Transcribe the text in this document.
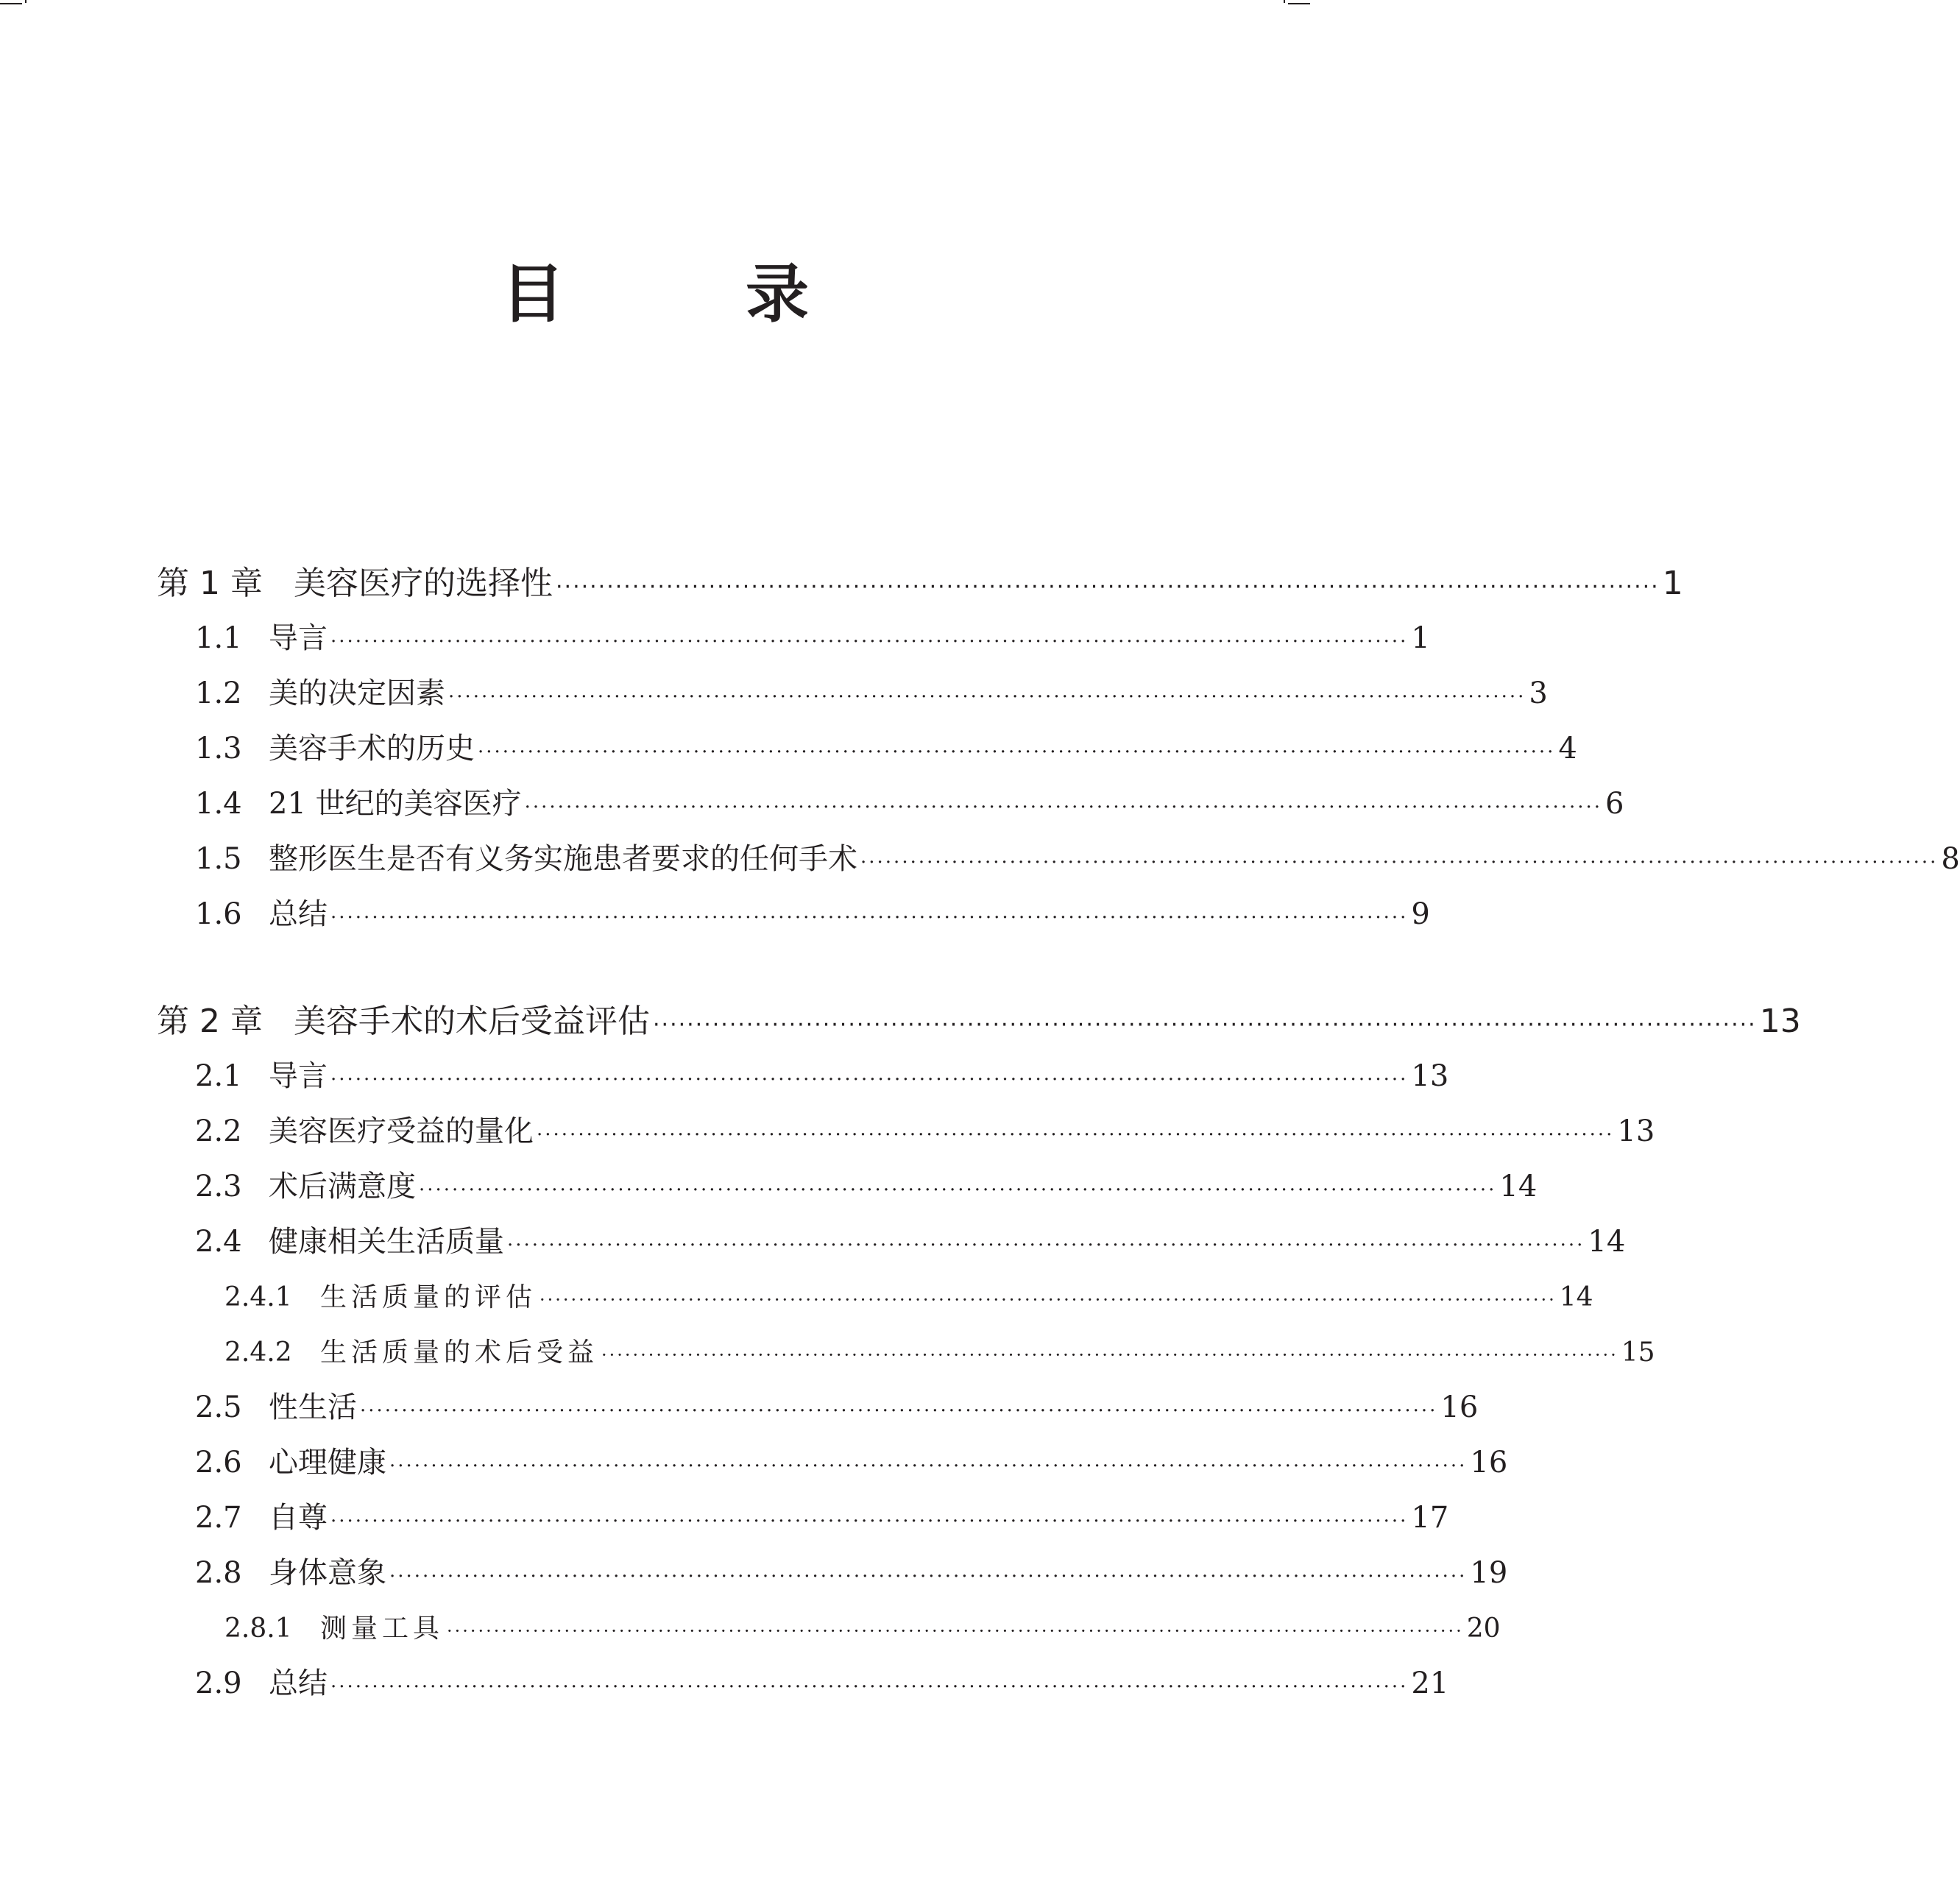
目　录
第 1 章 美容医疗的选择性 ·································································································································· 1
1.1 导言 ·································································································································· 1
1.2 美的决定因素 ·································································································································· 3
1.3 美容手术的历史 ·································································································································· 4
1.4 21 世纪的美容医疗 ·································································································································· 6
1.5 整形医生是否有义务实施患者要求的任何手术 ·································································································································· 8
1.6 总结 ·································································································································· 9
第 2 章 美容手术的术后受益评估 ·································································································································· 13
2.1 导言 ·································································································································· 13
2.2 美容医疗受益的量化 ·································································································································· 13
2.3 术后满意度 ·································································································································· 14
2.4 健康相关生活质量 ·································································································································· 14
2.4.1	生活质量的评估 ·································································································································· 14
2.4.2	生活质量的术后受益 ·································································································································· 15
2.5 性生活 ·································································································································· 16
2.6 心理健康 ·································································································································· 16
2.7 自尊 ·································································································································· 17
2.8 身体意象 ·································································································································· 19
2.8.1	测量工具 ·································································································································· 20
2.9 总结 ·································································································································· 21
